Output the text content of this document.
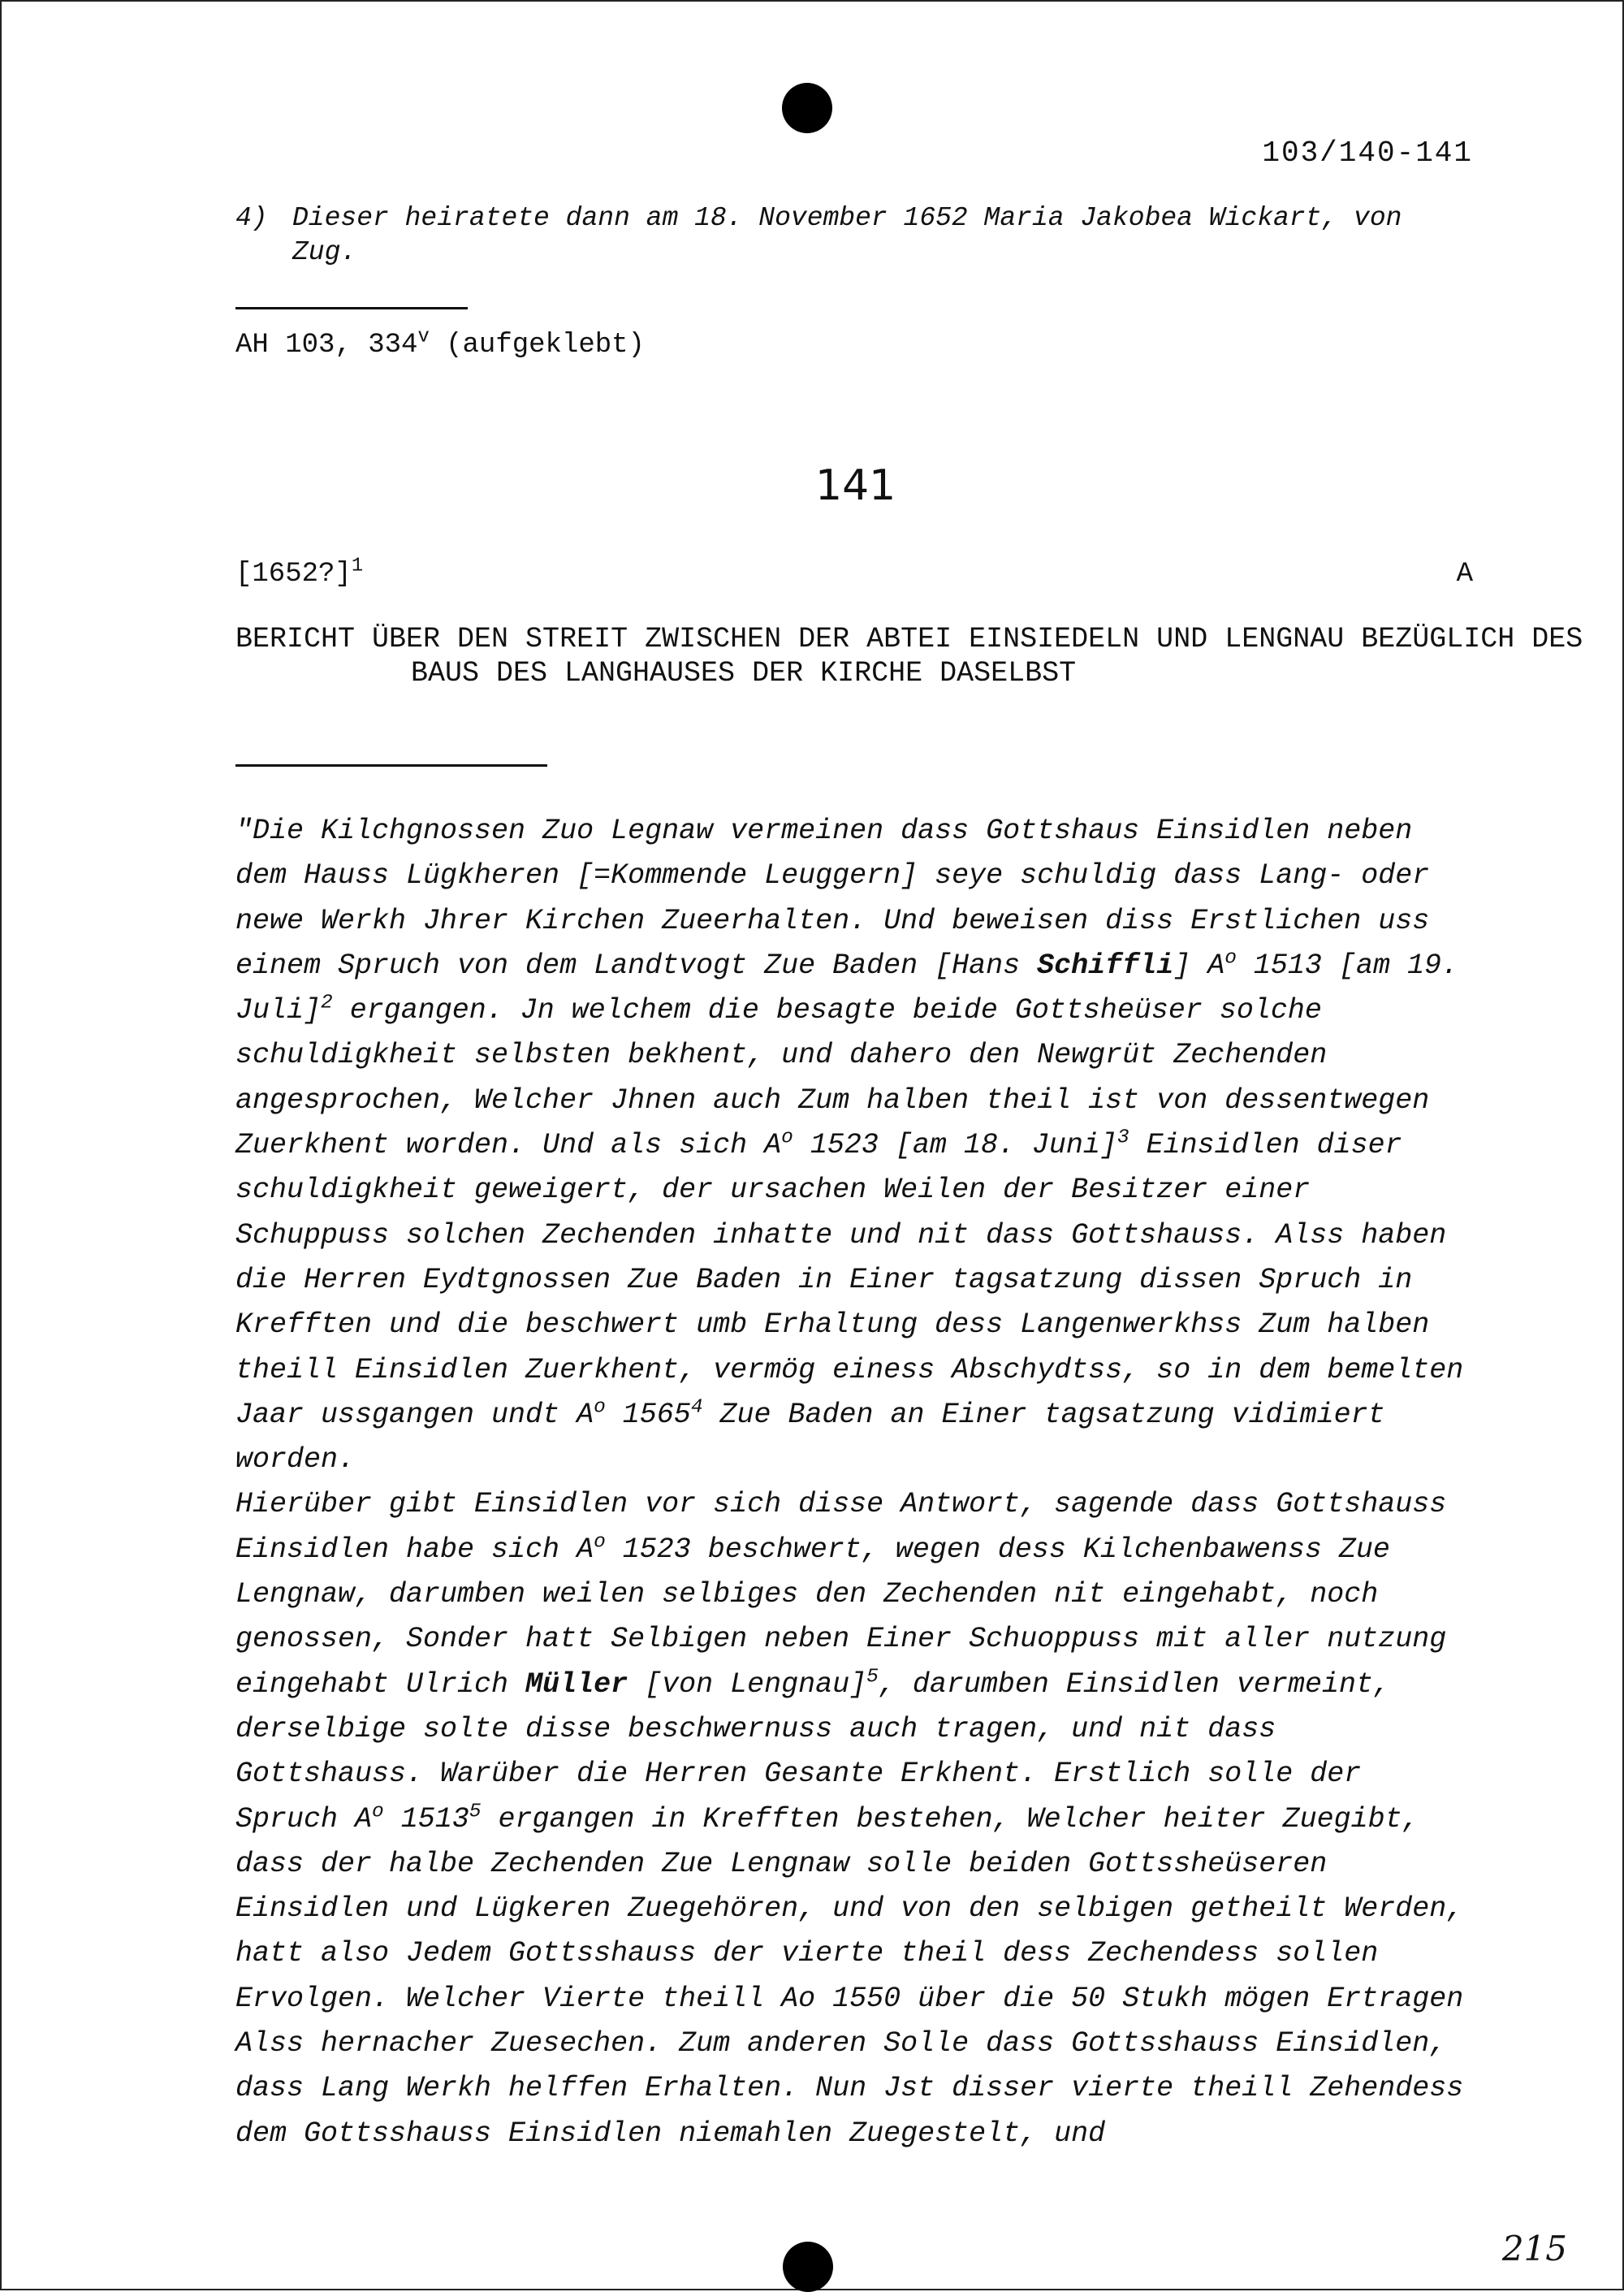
103/140-141
4) Dieser heiratete dann am 18. November 1652 Maria Jakobea Wickart, von Zug.
AH 103, 334$^v$ (aufgeklebt)
141
[1652?]$^1$	A
BERICHT ÜBER DEN STREIT ZWISCHEN DER ABTEI EINSIEDELN UND LENGNAU BEZÜGLICH DES BAUS DES LANGHAUSES DER KIRCHE DASELBST
"Die Kilchgnossen Zuo Legnaw vermeinen dass Gottshaus Einsidlen neben dem Hauss Lügkheren [=Kommende Leuggern] seye schuldig dass Lang- oder newe Werkh Jhrer Kirchen Zueerhalten. Und beweisen diss Erstlichen uss einem Spruch von dem Landtvogt Zue Baden [Hans Schiffli] $A^o$ 1513 [am 19. Juli]$^2$ ergangen. Jn welchem die besagte beide Gottsheüser solche schuldigkheit selbsten bekhent, und dahero den Newgrüt Zechenden angesprochen, Welcher Jhnen auch Zum halben theil ist von dessentwegen Zuerkhent worden. Und als sich $A^o$ 1523 [am 18. Juni]$^3$ Einsidlen diser schuldigkheit geweigert, der ursachen Weilen der Besitzer einer Schuppuss solchen Zechenden inhatte und nit dass Gottshauss. Alss haben die Herren Eydtgnossen Zue Baden in Einer tagsatzung dissen Spruch in Krefften und die beschwert umb Erhaltung dess Langenwerkhss Zum halben theill Einsidlen Zuerkhent, vermög einess Abschydtss, so in dem bemelten Jaar ussgangen undt $A^o$ 1565$^4$ Zue Baden an Einer tagsatzung vidimiert worden.
Hierüber gibt Einsidlen vor sich disse Antwort, sagende dass Gottshauss Einsidlen habe sich $A^o$ 1523 beschwert, wegen dess Kilchenbawenss Zue Lengnaw, darumben weilen selbiges den Zechenden nit eingehabt, noch genossen, Sonder hatt Selbigen neben Einer Schuoppuss mit aller nutzung eingehabt Ulrich Müller [von Lengnau]$^5$, darumben Einsidlen vermeint, derselbige solte disse beschwernuss auch tragen, und nit dass Gottshauss. Warüber die Herren Gesante Erkhent. Erstlich solle der Spruch $A^o$ 1513$^5$ ergangen in Krefften bestehen, Welcher heiter Zuegibt, dass der halbe Zechenden Zue Lengnaw solle beiden Gottssheüseren Einsidlen und Lügkeren Zuegehören, und von den selbigen getheilt Werden, hatt also Jedem Gottsshauss der vierte theil dess Zechendess sollen Ervolgen. Welcher Vierte theill Ao 1550 über die 50 Stukh mögen Ertragen Alss hernacher Zuesechen. Zum anderen Solle dass Gottsshauss Einsidlen, dass Lang Werkh helffen Erhalten. Nun Jst disser vierte theill Zehendess dem Gottsshauss Einsidlen niemahlen Zuegestelt, und
215
